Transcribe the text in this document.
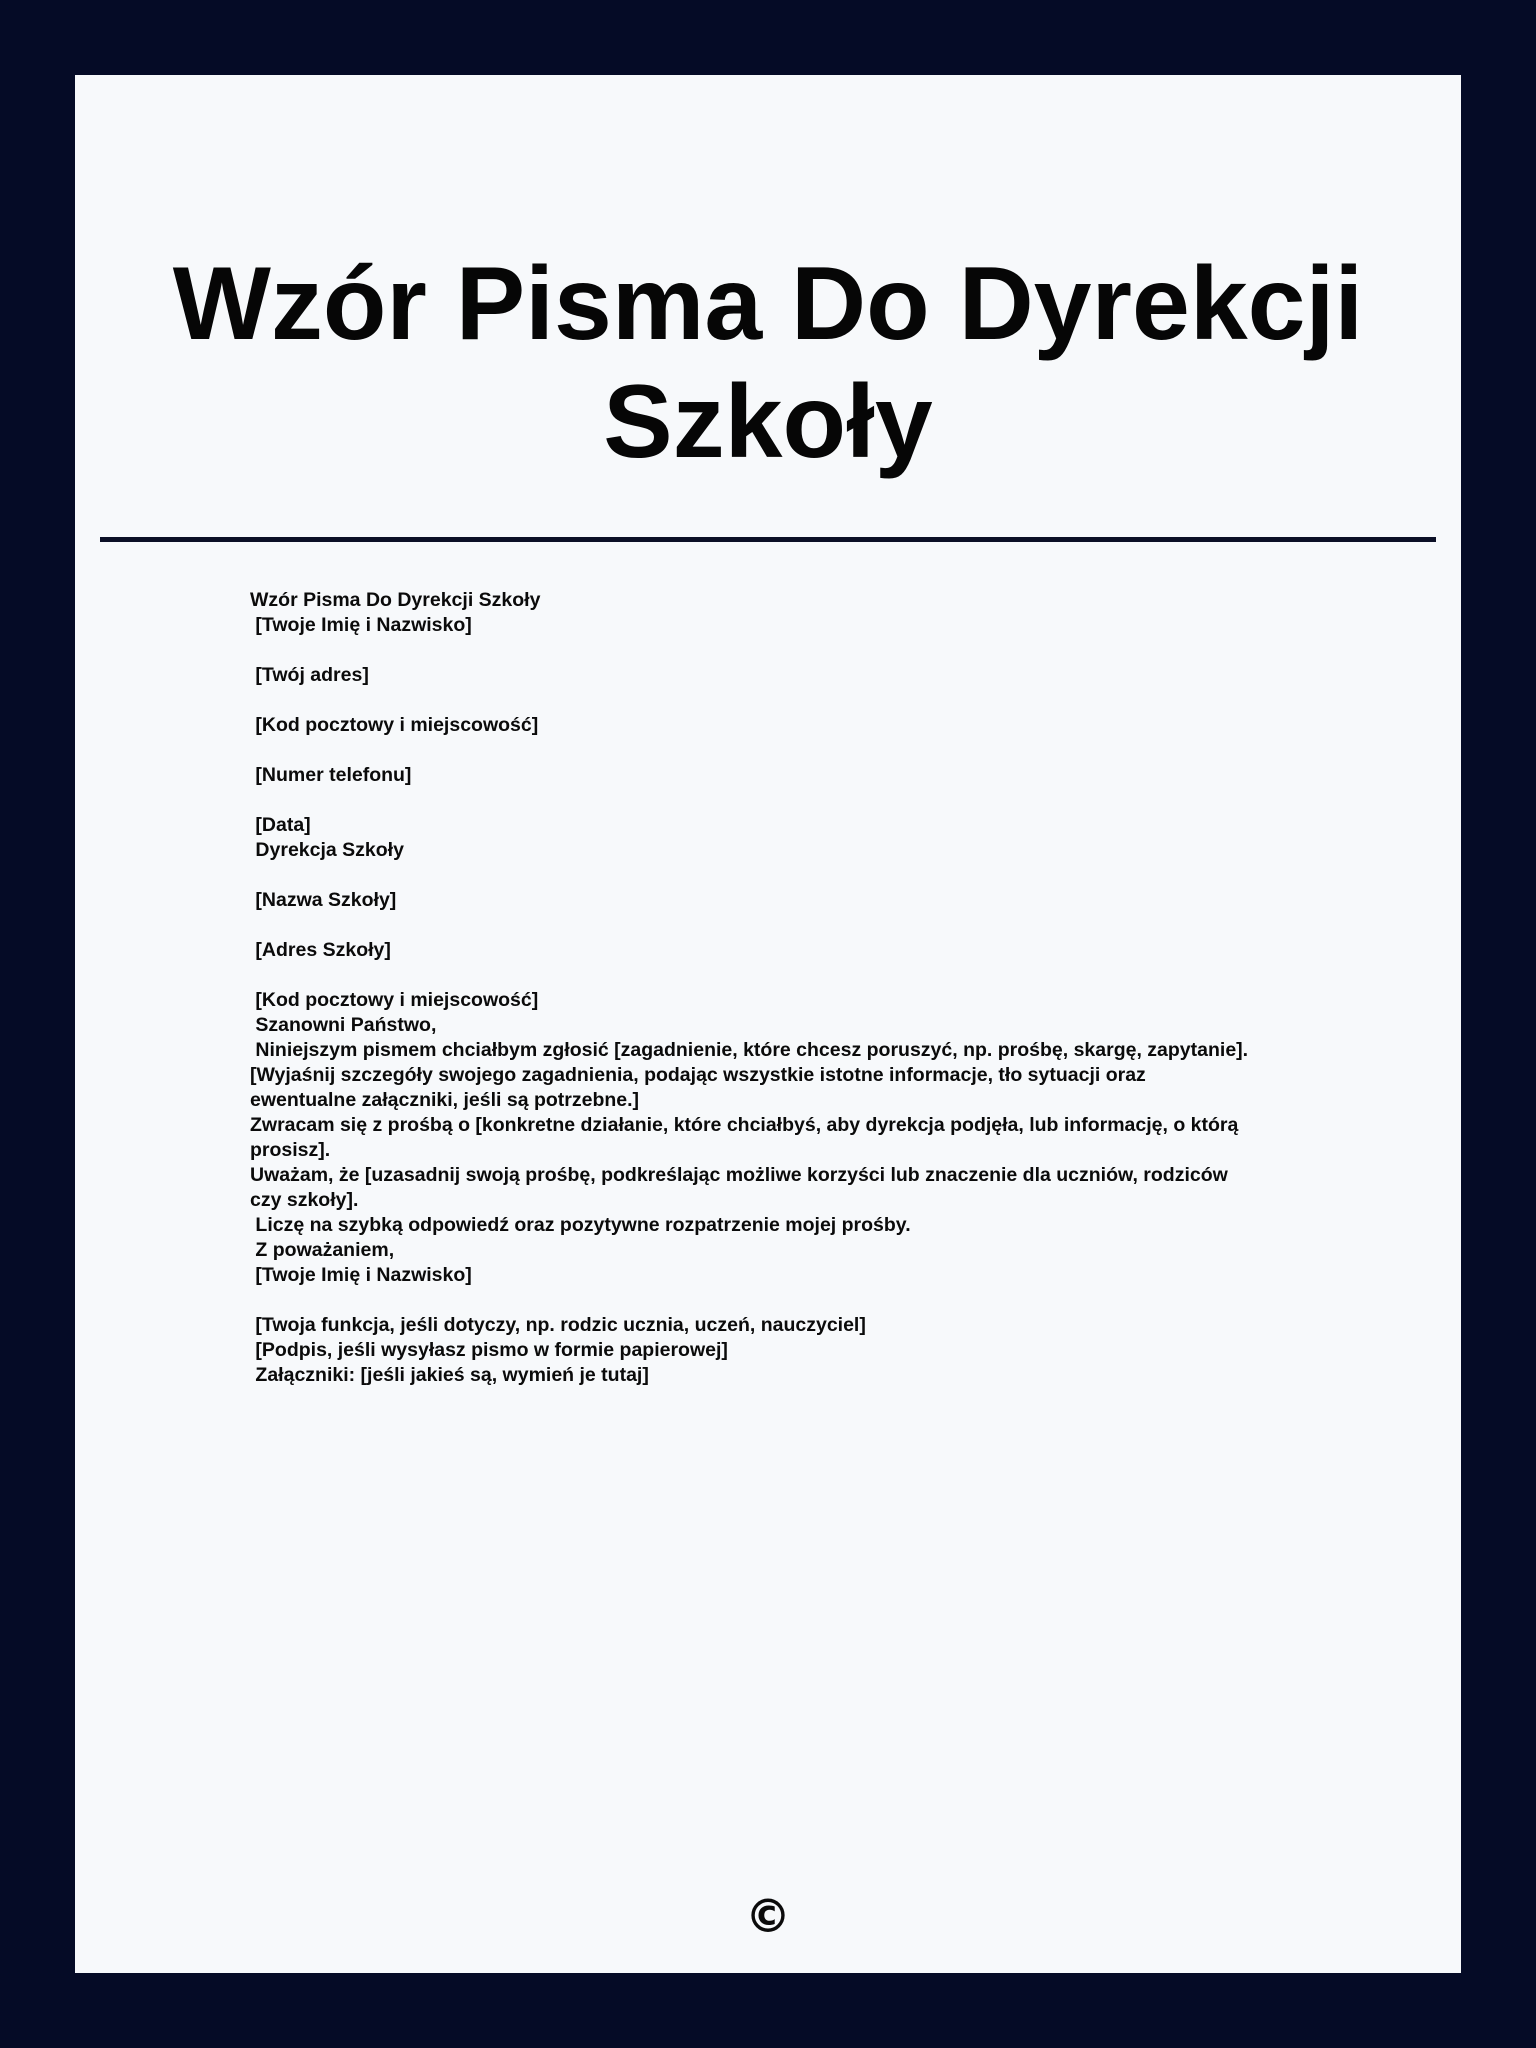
Wzór Pisma Do Dyrekcji Szkoły
Wzór Pisma Do Dyrekcji Szkoły
[Twoje Imię i Nazwisko]
[Twój adres]
[Kod pocztowy i miejscowość]
[Numer telefonu]
[Data]
Dyrekcja Szkoły
[Nazwa Szkoły]
[Adres Szkoły]
[Kod pocztowy i miejscowość]
Szanowni Państwo,
Niniejszym pismem chciałbym zgłosić [zagadnienie, które chcesz poruszyć, np. prośbę, skargę, zapytanie].
[Wyjaśnij szczegóły swojego zagadnienia, podając wszystkie istotne informacje, tło sytuacji oraz
ewentualne załączniki, jeśli są potrzebne.]
Zwracam się z prośbą o [konkretne działanie, które chciałbyś, aby dyrekcja podjęła, lub informację, o którą
prosisz].
Uważam, że [uzasadnij swoją prośbę, podkreślając możliwe korzyści lub znaczenie dla uczniów, rodziców
czy szkoły].
Liczę na szybką odpowiedź oraz pozytywne rozpatrzenie mojej prośby.
Z poważaniem,
[Twoje Imię i Nazwisko]
[Twoja funkcja, jeśli dotyczy, np. rodzic ucznia, uczeń, nauczyciel]
[Podpis, jeśli wysyłasz pismo w formie papierowej]
Załączniki: [jeśli jakieś są, wymień je tutaj]
©
